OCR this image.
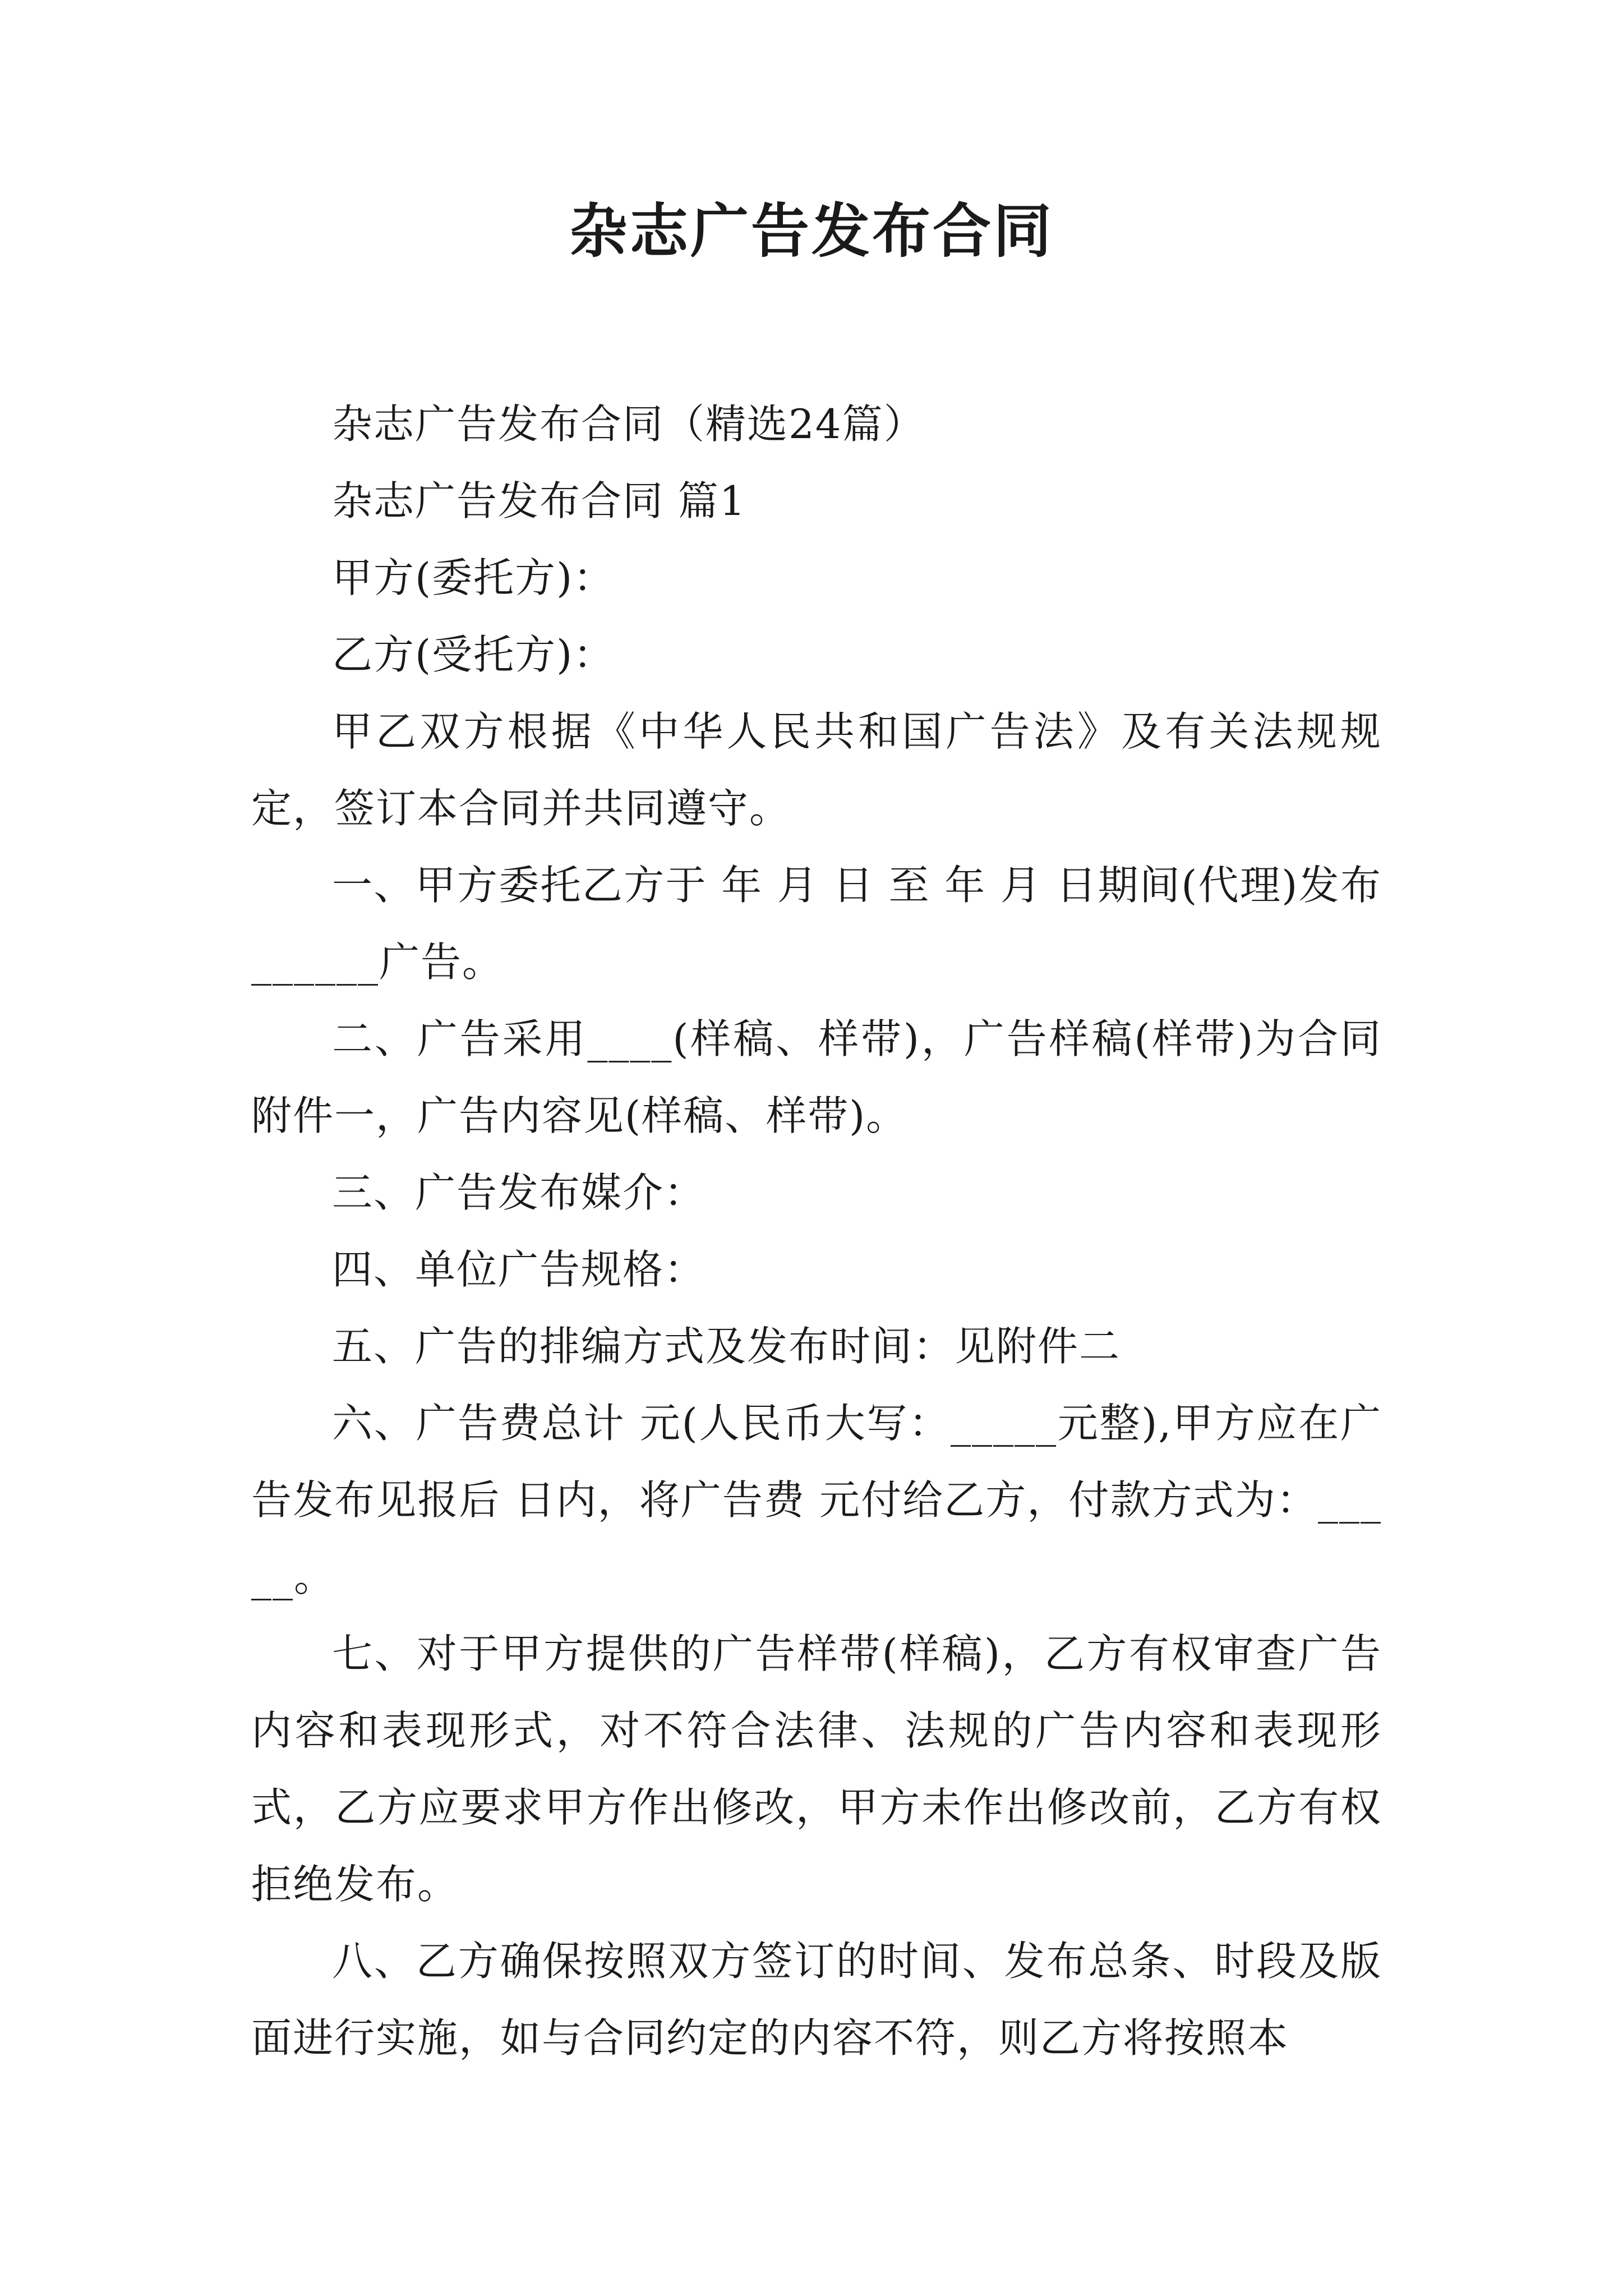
杂志广告发布合同

杂志广告发布合同（精选24篇）

杂志广告发布合同 篇1

甲方(委托方)：

乙方(受托方)：

甲乙双方根据《中华人民共和国广告法》及有关法规规定，签订本合同并共同遵守。

一、甲方委托乙方于 年 月 日 至 年 月 日期间(代理)发布______广告。

二、广告采用____(样稿、样带)，广告样稿(样带)为合同附件一，广告内容见(样稿、样带)。

三、广告发布媒介：

四、单位广告规格：

五、广告的排编方式及发布时间：见附件二

六、广告费总计 元(人民币大写：_____元整),甲方应在广告发布见报后 日内，将广告费 元付给乙方，付款方式为：_____。

七、对于甲方提供的广告样带(样稿)，乙方有权审查广告内容和表现形式，对不符合法律、法规的广告内容和表现形式，乙方应要求甲方作出修改，甲方未作出修改前，乙方有权拒绝发布。

八、乙方确保按照双方签订的时间、发布总条、时段及版面进行实施，如与合同约定的内容不符，则乙方将按照本
